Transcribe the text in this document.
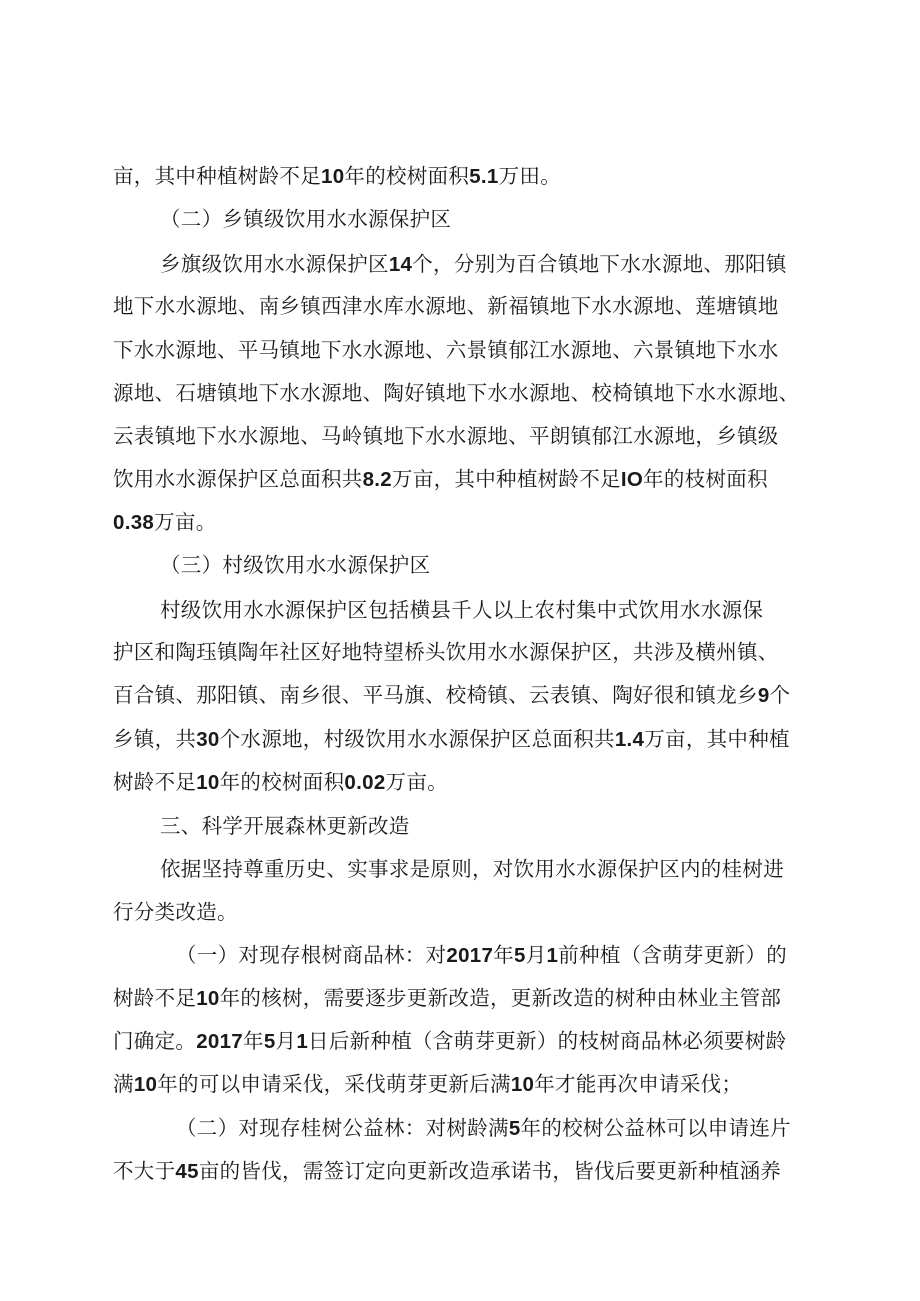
亩，其中种植树龄不足10年的校树面积5.1万田。
（二）乡镇级饮用水水源保护区
乡旗级饮用水水源保护区14个，分别为百合镇地下水水源地、那阳镇
地下水水源地、南乡镇西津水库水源地、新福镇地下水水源地、莲塘镇地
下水水源地、平马镇地下水水源地、六景镇郁江水源地、六景镇地下水水
源地、石塘镇地下水水源地、陶好镇地下水水源地、校椅镇地下水水源地、
云表镇地下水水源地、马岭镇地下水水源地、平朗镇郁江水源地，乡镇级
饮用水水源保护区总面积共8.2万亩，其中种植树龄不足IO年的枝树面积
0.38万亩。
（三）村级饮用水水源保护区
村级饮用水水源保护区包括横县千人以上农村集中式饮用水水源保
护区和陶珏镇陶年社区好地特望桥头饮用水水源保护区，共涉及横州镇、
百合镇、那阳镇、南乡很、平马旗、校椅镇、云表镇、陶好很和镇龙乡9个
乡镇，共30个水源地，村级饮用水水源保护区总面积共1.4万亩，其中种植
树龄不足10年的校树面积0.02万亩。
三、科学开展森林更新改造
依据坚持尊重历史、实事求是原则，对饮用水水源保护区内的桂树进
行分类改造。
（一）对现存根树商品林：对2017年5月1前种植（含萌芽更新）的
树龄不足10年的核树，需要逐步更新改造，更新改造的树种由林业主管部
门确定。2017年5月1日后新种植（含萌芽更新）的枝树商品林必须要树龄
满10年的可以申请采伐，采伐萌芽更新后满10年才能再次申请采伐；
（二）对现存桂树公益林：对树龄满5年的校树公益林可以申请连片
不大于45亩的皆伐，需签订定向更新改造承诺书，皆伐后要更新种植涵养
